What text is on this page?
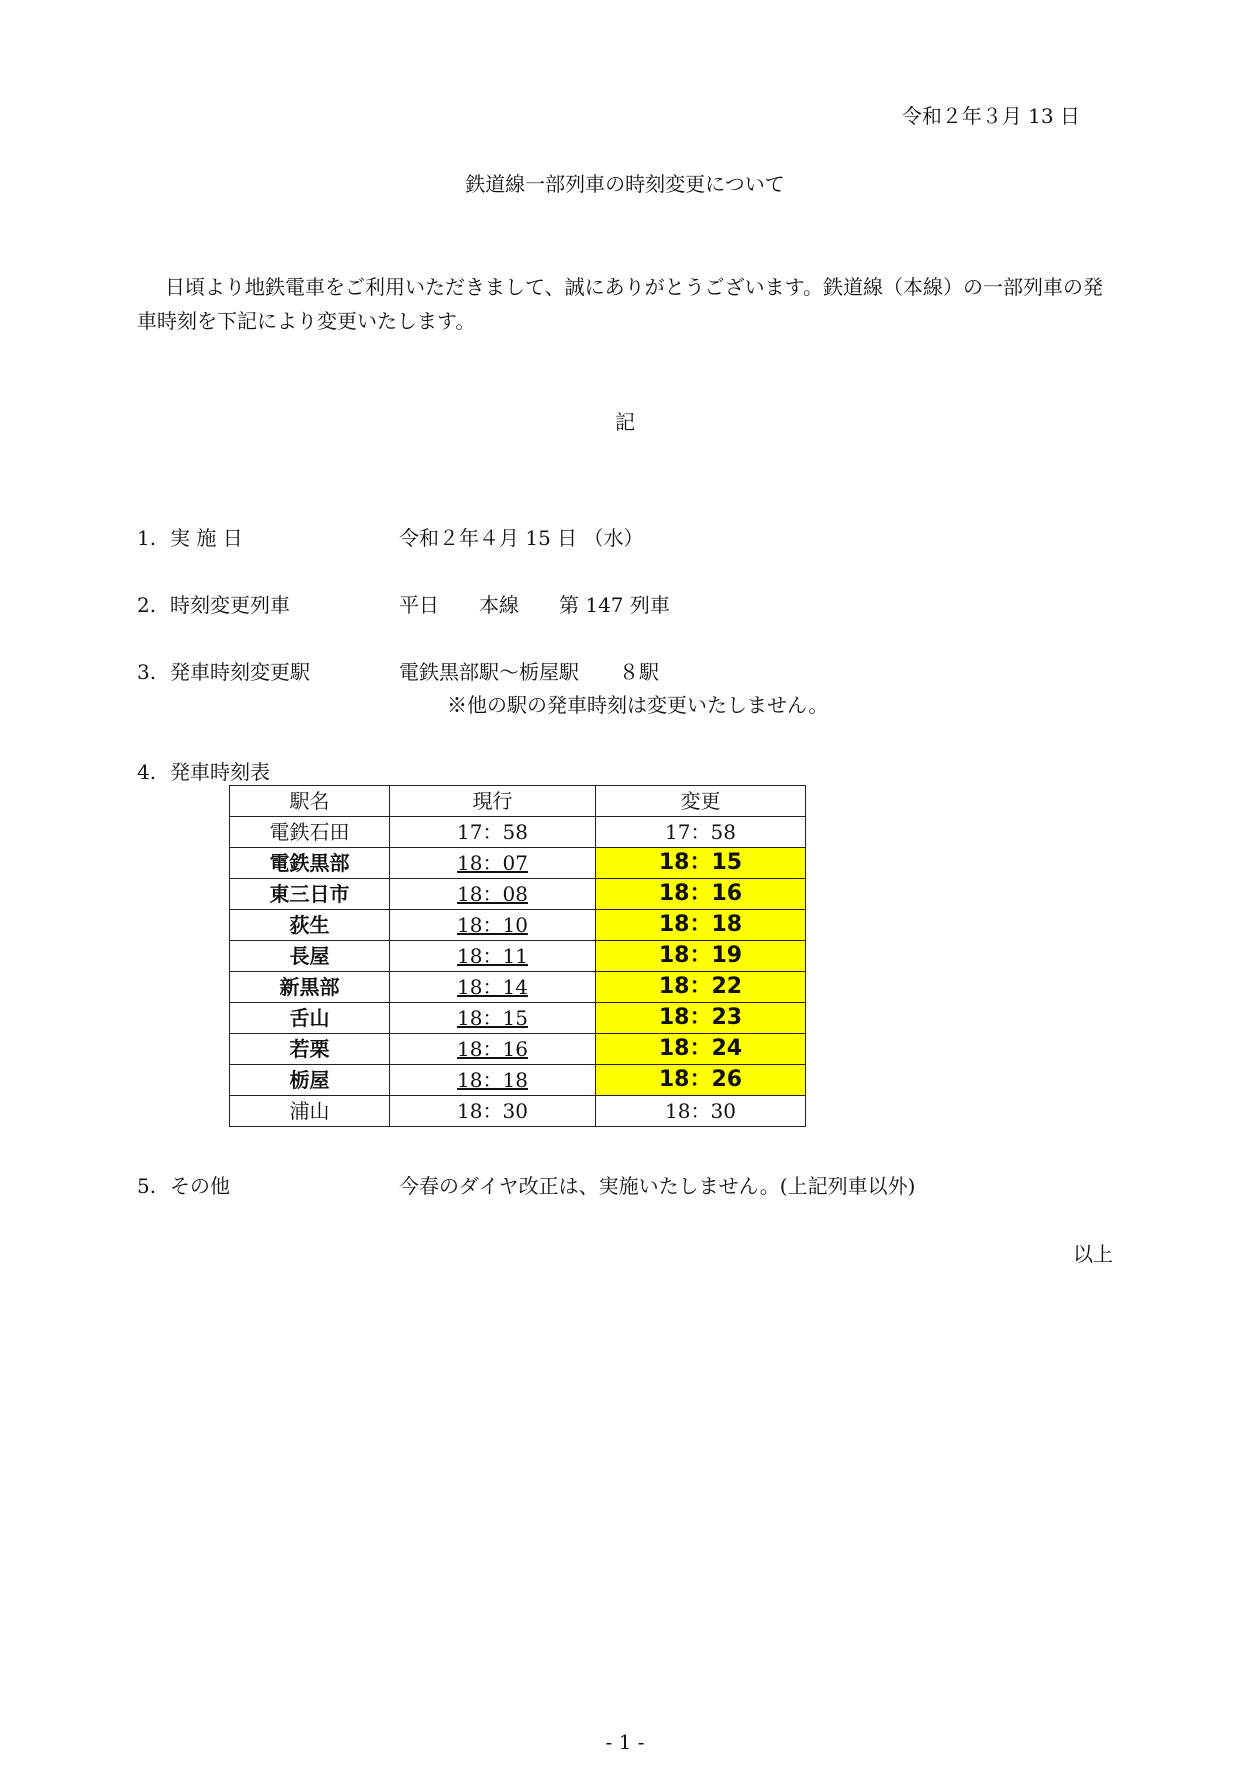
令和２年３月 13 日
鉄道線一部列車の時刻変更について
日頃より地鉄電車をご利用いただきまして、誠にありがとうございます。鉄道線（本線）の一部列車の発車時刻を下記により変更いたします。
記
1. 実 施 日	令和２年４月 15 日 （水）
2. 時刻変更列車	平日　　本線　　第 147 列車
3. 発車時刻変更駅	電鉄黒部駅～栃屋駅　　８駅
※他の駅の発車時刻は変更いたしません。
4. 発車時刻表
駅名	現行	変更
電鉄石田	17：58	17：58
電鉄黒部	18：07	18：15
東三日市	18：08	18：16
荻生	18：10	18：18
長屋	18：11	18：19
新黒部	18：14	18：22
舌山	18：15	18：23
若栗	18：16	18：24
栃屋	18：18	18：26
浦山	18：30	18：30
5. その他	今春のダイヤ改正は、実施いたしません。(上記列車以外)
以上
- 1 -
